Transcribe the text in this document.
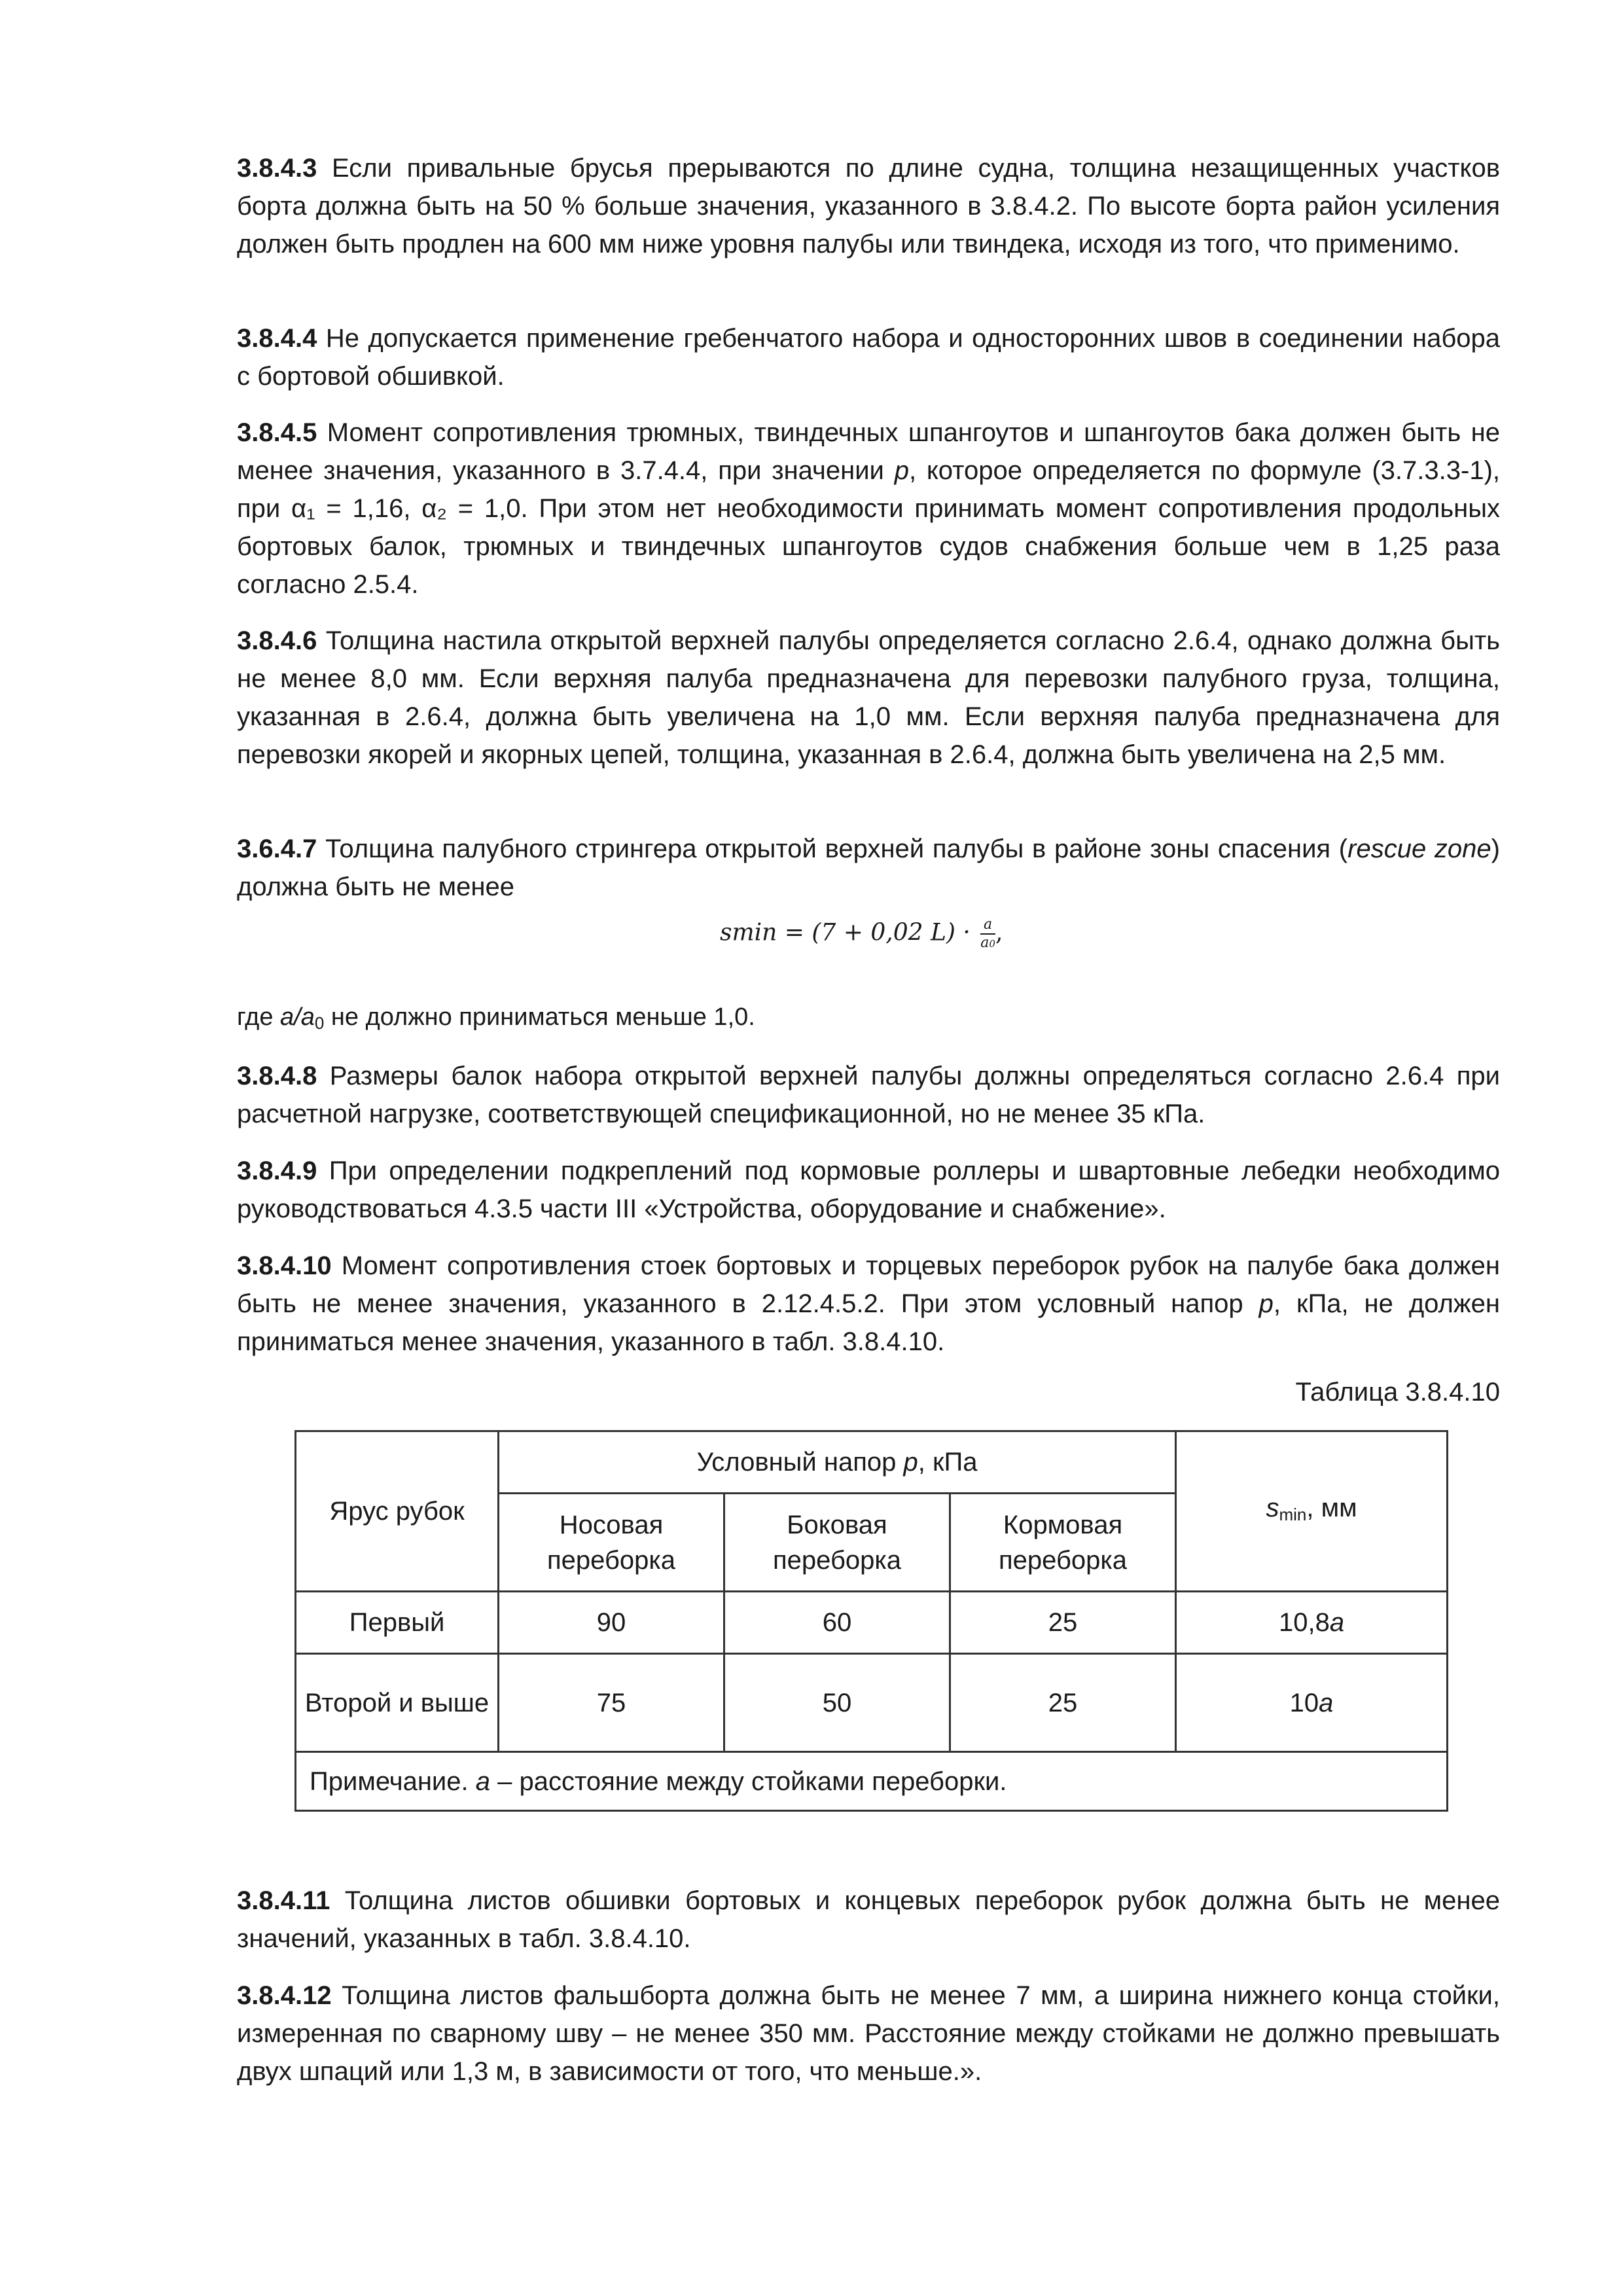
3.8.4.3 Если привальные брусья прерываются по длине судна, толщина незащищенных участков борта должна быть на 50 % больше значения, указанного в 3.8.4.2. По высоте борта район усиления должен быть продлен на 600 мм ниже уровня палубы или твиндека, исходя из того, что применимо.

3.8.4.4 Не допускается применение гребенчатого набора и односторонних швов в соединении набора с бортовой обшивкой.

3.8.4.5 Момент сопротивления трюмных, твиндечных шпангоутов и шпангоутов бака должен быть не менее значения, указанного в 3.7.4.4, при значении p, которое определяется по формуле (3.7.3.3-1), при α₁ = 1,16, α₂ = 1,0. При этом нет необходимости принимать момент сопротивления продольных бортовых балок, трюмных и твиндечных шпангоутов судов снабжения больше чем в 1,25 раза согласно 2.5.4.

3.8.4.6 Толщина настила открытой верхней палубы определяется согласно 2.6.4, однако должна быть не менее 8,0 мм. Если верхняя палуба предназначена для перевозки палубного груза, толщина, указанная в 2.6.4, должна быть увеличена на 1,0 мм. Если верхняя палуба предназначена для перевозки якорей и якорных цепей, толщина, указанная в 2.6.4, должна быть увеличена на 2,5 мм.

3.6.4.7 Толщина палубного стрингера открытой верхней палубы в районе зоны спасения (rescue zone) должна быть не менее

smin = (7 + 0,02 $L) \cdot \frac{a}{a0}$ ,

где $a/a_0$ не должно приниматься меньше 1,0.

3.8.4.8 Размеры балок набора открытой верхней палубы должны определяться согласно 2.6.4 при расчетной нагрузке, соответствующей спецификационной, но не менее 35 кПа.

3.8.4.9 При определении подкреплений под кормовые роллеры и швартовные лебедки необходимо руководствоваться 4.3.5 части III «Устройства, оборудование и снабжение».

3.8.4.10 Момент сопротивления стоек бортовых и торцевых переборок рубок на палубе бака должен быть не менее значения, указанного в 2.12.4.5.2. При этом условный напор p, кПа, не должен приниматься менее значения, указанного в табл. 3.8.4.10.

Таблица 3.8.4.10
Ярус рубок	Условный напор p, кПа			$s_{min}$, мм
	Носовая переборка	Боковая переборка	Кормовая переборка	
Первый	90	60	25	10,8a
Второй и выше	75	50	25	10a
Примечание. a – расстояние между стойками переборки.				

3.8.4.11 Толщина листов обшивки бортовых и концевых переборок рубок должна быть не менее значений, указанных в табл. 3.8.4.10.

3.8.4.12 Толщина листов фальшборта должна быть не менее 7 мм, а ширина нижнего конца стойки, измеренная по сварному шву – не менее 350 мм. Расстояние между стойками не должно превышать двух шпаций или 1,3 м, в зависимости от того, что меньше.».
